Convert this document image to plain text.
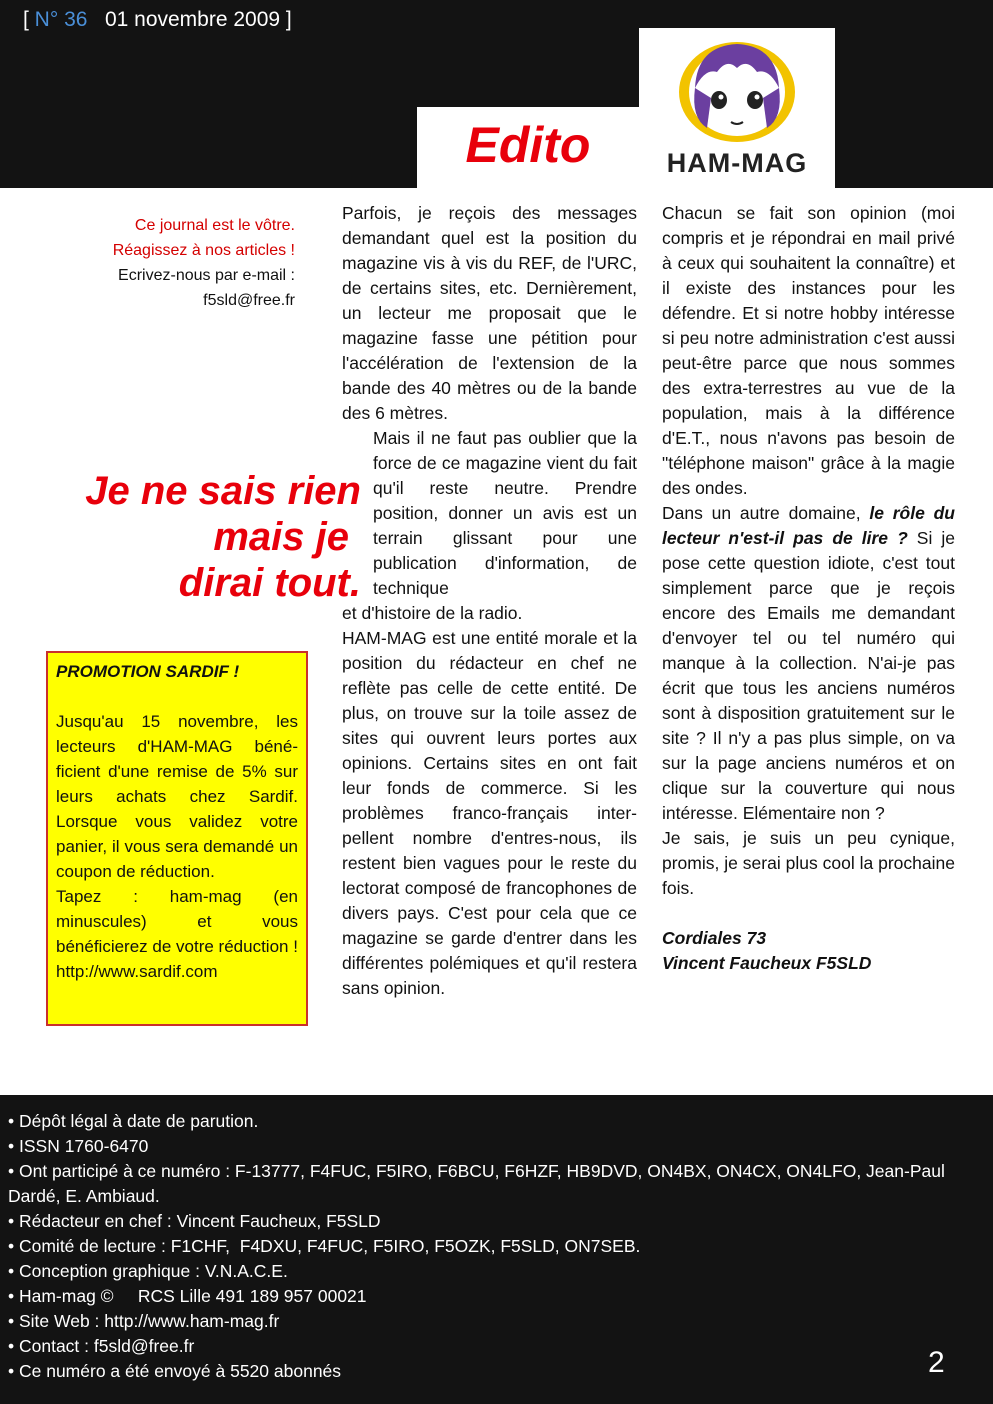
[ N° 36   01 novembre 2009 ]
Edito	HAM-MAG
Ce journal est le vôtre.
Réagissez à nos articles !
Ecrivez-nous par e-mail :
f5sld@free.fr
Je ne sais rien
mais je
dirai tout.
PROMOTION SARDIF !

Jusqu'au 15 novembre, les lecteurs d'HAM-MAG béné-ficient d'une remise de 5% sur leurs achats chez Sardif. Lorsque vous validez votre panier, il vous sera demandé un coupon de réduction.

Tapez : ham-mag (en minuscules) et vous bénéficierez de votre réduction !

http://www.sardif.com

Parfois, je reçois des messages demandant quel est la position du magazine vis à vis du REF, de l'URC, de certains sites, etc. Dernièrement, un lecteur me proposait que le magazine fasse une pétition pour l'accélération de l'extension de la bande des 40 mètres ou de la bande des 6 mètres.

Mais il ne faut pas oublier que la force de ce magazine vient du fait qu'il reste neutre. Prendre position, donner un avis est un terrain glissant pour une publication d'information, de technique

et d'histoire de la radio.

HAM-MAG est une entité morale et la position du rédacteur en chef ne reflète pas celle de cette entité. De plus, on trouve sur la toile assez de sites qui ouvrent leurs portes aux opinions. Certains sites en ont fait leur fonds de commerce. Si les problèmes franco-français inter-pellent nombre d'entres-nous, ils restent bien vagues pour le reste du lectorat composé de francophones de divers pays. C'est pour cela que ce magazine se garde d'entrer dans les différentes polémiques et qu'il restera sans opinion.

Chacun se fait son opinion (moi compris et je répondrai en mail privé à ceux qui souhaitent la connaître) et il existe des instances pour les défendre. Et si notre hobby intéresse si peu notre administration c'est aussi peut-être parce que nous sommes des extra-terrestres au vue de la population, mais à la différence d'E.T., nous n'avons pas besoin de "téléphone maison" grâce à la magie des ondes.

Dans un autre domaine, le rôle du lecteur n'est-il pas de lire ? Si je pose cette question idiote, c'est tout simplement parce que je reçois encore des Emails me demandant d'envoyer tel ou tel numéro qui manque à la collection. N'ai-je pas écrit que tous les anciens numéros sont à disposition gratuitement sur le site ? Il n'y a pas plus simple, on va sur la page anciens numéros et on clique sur la couverture qui nous intéresse. Elémentaire non ?

Je sais, je suis un peu cynique, promis, je serai plus cool la prochaine fois.

Cordiales 73

Vincent Faucheux F5SLD

• Dépôt légal à date de parution.
• ISSN 1760-6470
• Ont participé à ce numéro : F-13777, F4FUC, F5IRO, F6BCU, F6HZF, HB9DVD, ON4BX, ON4CX, ON4LFO, Jean-Paul Dardé, E. Ambiaud.
• Rédacteur en chef : Vincent Faucheux, F5SLD
• Comité de lecture : F1CHF,  F4DXU, F4FUC, F5IRO, F5OZK, F5SLD, ON7SEB.
• Conception graphique : V.N.A.C.E.
• Ham-mag ©     RCS Lille 491 189 957 00021
• Site Web : http://www.ham-mag.fr
• Contact : f5sld@free.fr
• Ce numéro a été envoyé à 5520 abonnés	2
